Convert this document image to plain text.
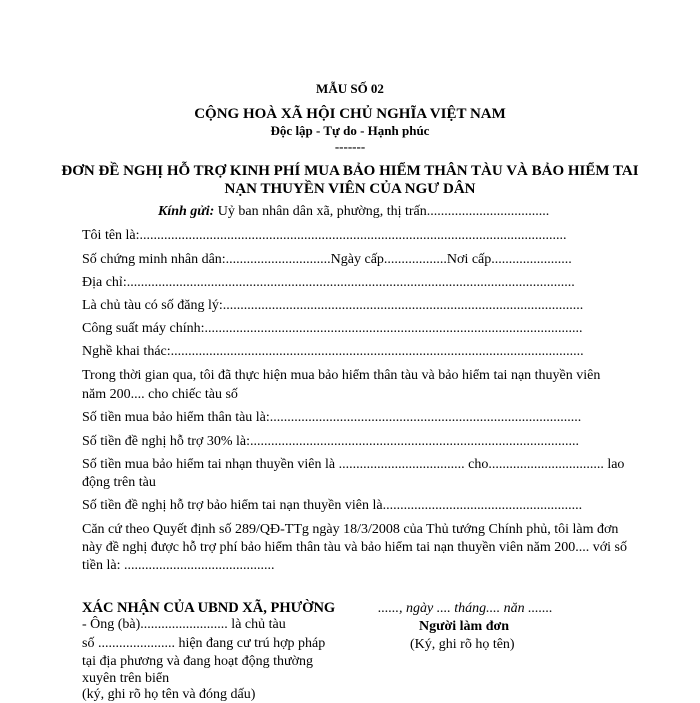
MẪU SỐ 02
CỘNG HOÀ XÃ HỘI CHỦ NGHĨA VIỆT NAM
Độc lập - Tự do - Hạnh phúc
-------
ĐƠN ĐỀ NGHỊ HỖ TRỢ KINH PHÍ MUA BẢO HIỂM THÂN TÀU VÀ BẢO HIỂM TAI
NẠN THUYỀN VIÊN CỦA NGƯ DÂN
Kính gửi: Uỷ ban nhân dân xã, phường, thị trấn...................................
Tôi tên là:..........................................................................................................................
Số chứng minh nhân dân:..............................Ngày cấp..................Nơi cấp.......................
Địa chỉ:................................................................................................................................
Là chủ tàu có số đăng lý:.......................................................................................................
Công suất máy chính:............................................................................................................
Nghề khai thác:......................................................................................................................
Trong thời gian qua, tôi đã thực hiện mua bảo hiểm thân tàu và bảo hiểm tai nạn thuyền viên
năm 200.... cho chiếc tàu số
Số tiền mua bảo hiểm thân tàu là:.........................................................................................
Số tiền đề nghị hỗ trợ 30% là:..............................................................................................
Số tiền mua bảo hiểm tai nhạn thuyền viên là .................................... cho................................. lao
động trên tàu
Số tiền đề nghị hỗ trợ bảo hiểm tai nạn thuyền viên là.........................................................
Căn cứ theo Quyết định số 289/QĐ-TTg ngày 18/3/2008 của Thủ tướng Chính phủ, tôi làm đơn
này đề nghị được hỗ trợ phí bảo hiểm thân tàu và bảo hiểm tai nạn thuyền viên năm 200.... với số
tiền là: ...........................................
XÁC NHẬN CỦA UBND XÃ, PHƯỜNG
- Ông (bà)......................... là chủ tàu
số ...................... hiện đang cư trú hợp pháp
tại địa phương và đang hoạt động thường
xuyên trên biển
(ký, ghi rõ họ tên và đóng dấu)
......, ngày .... tháng.... năn .......
Người làm đơn
(Ký, ghi rõ họ tên)
